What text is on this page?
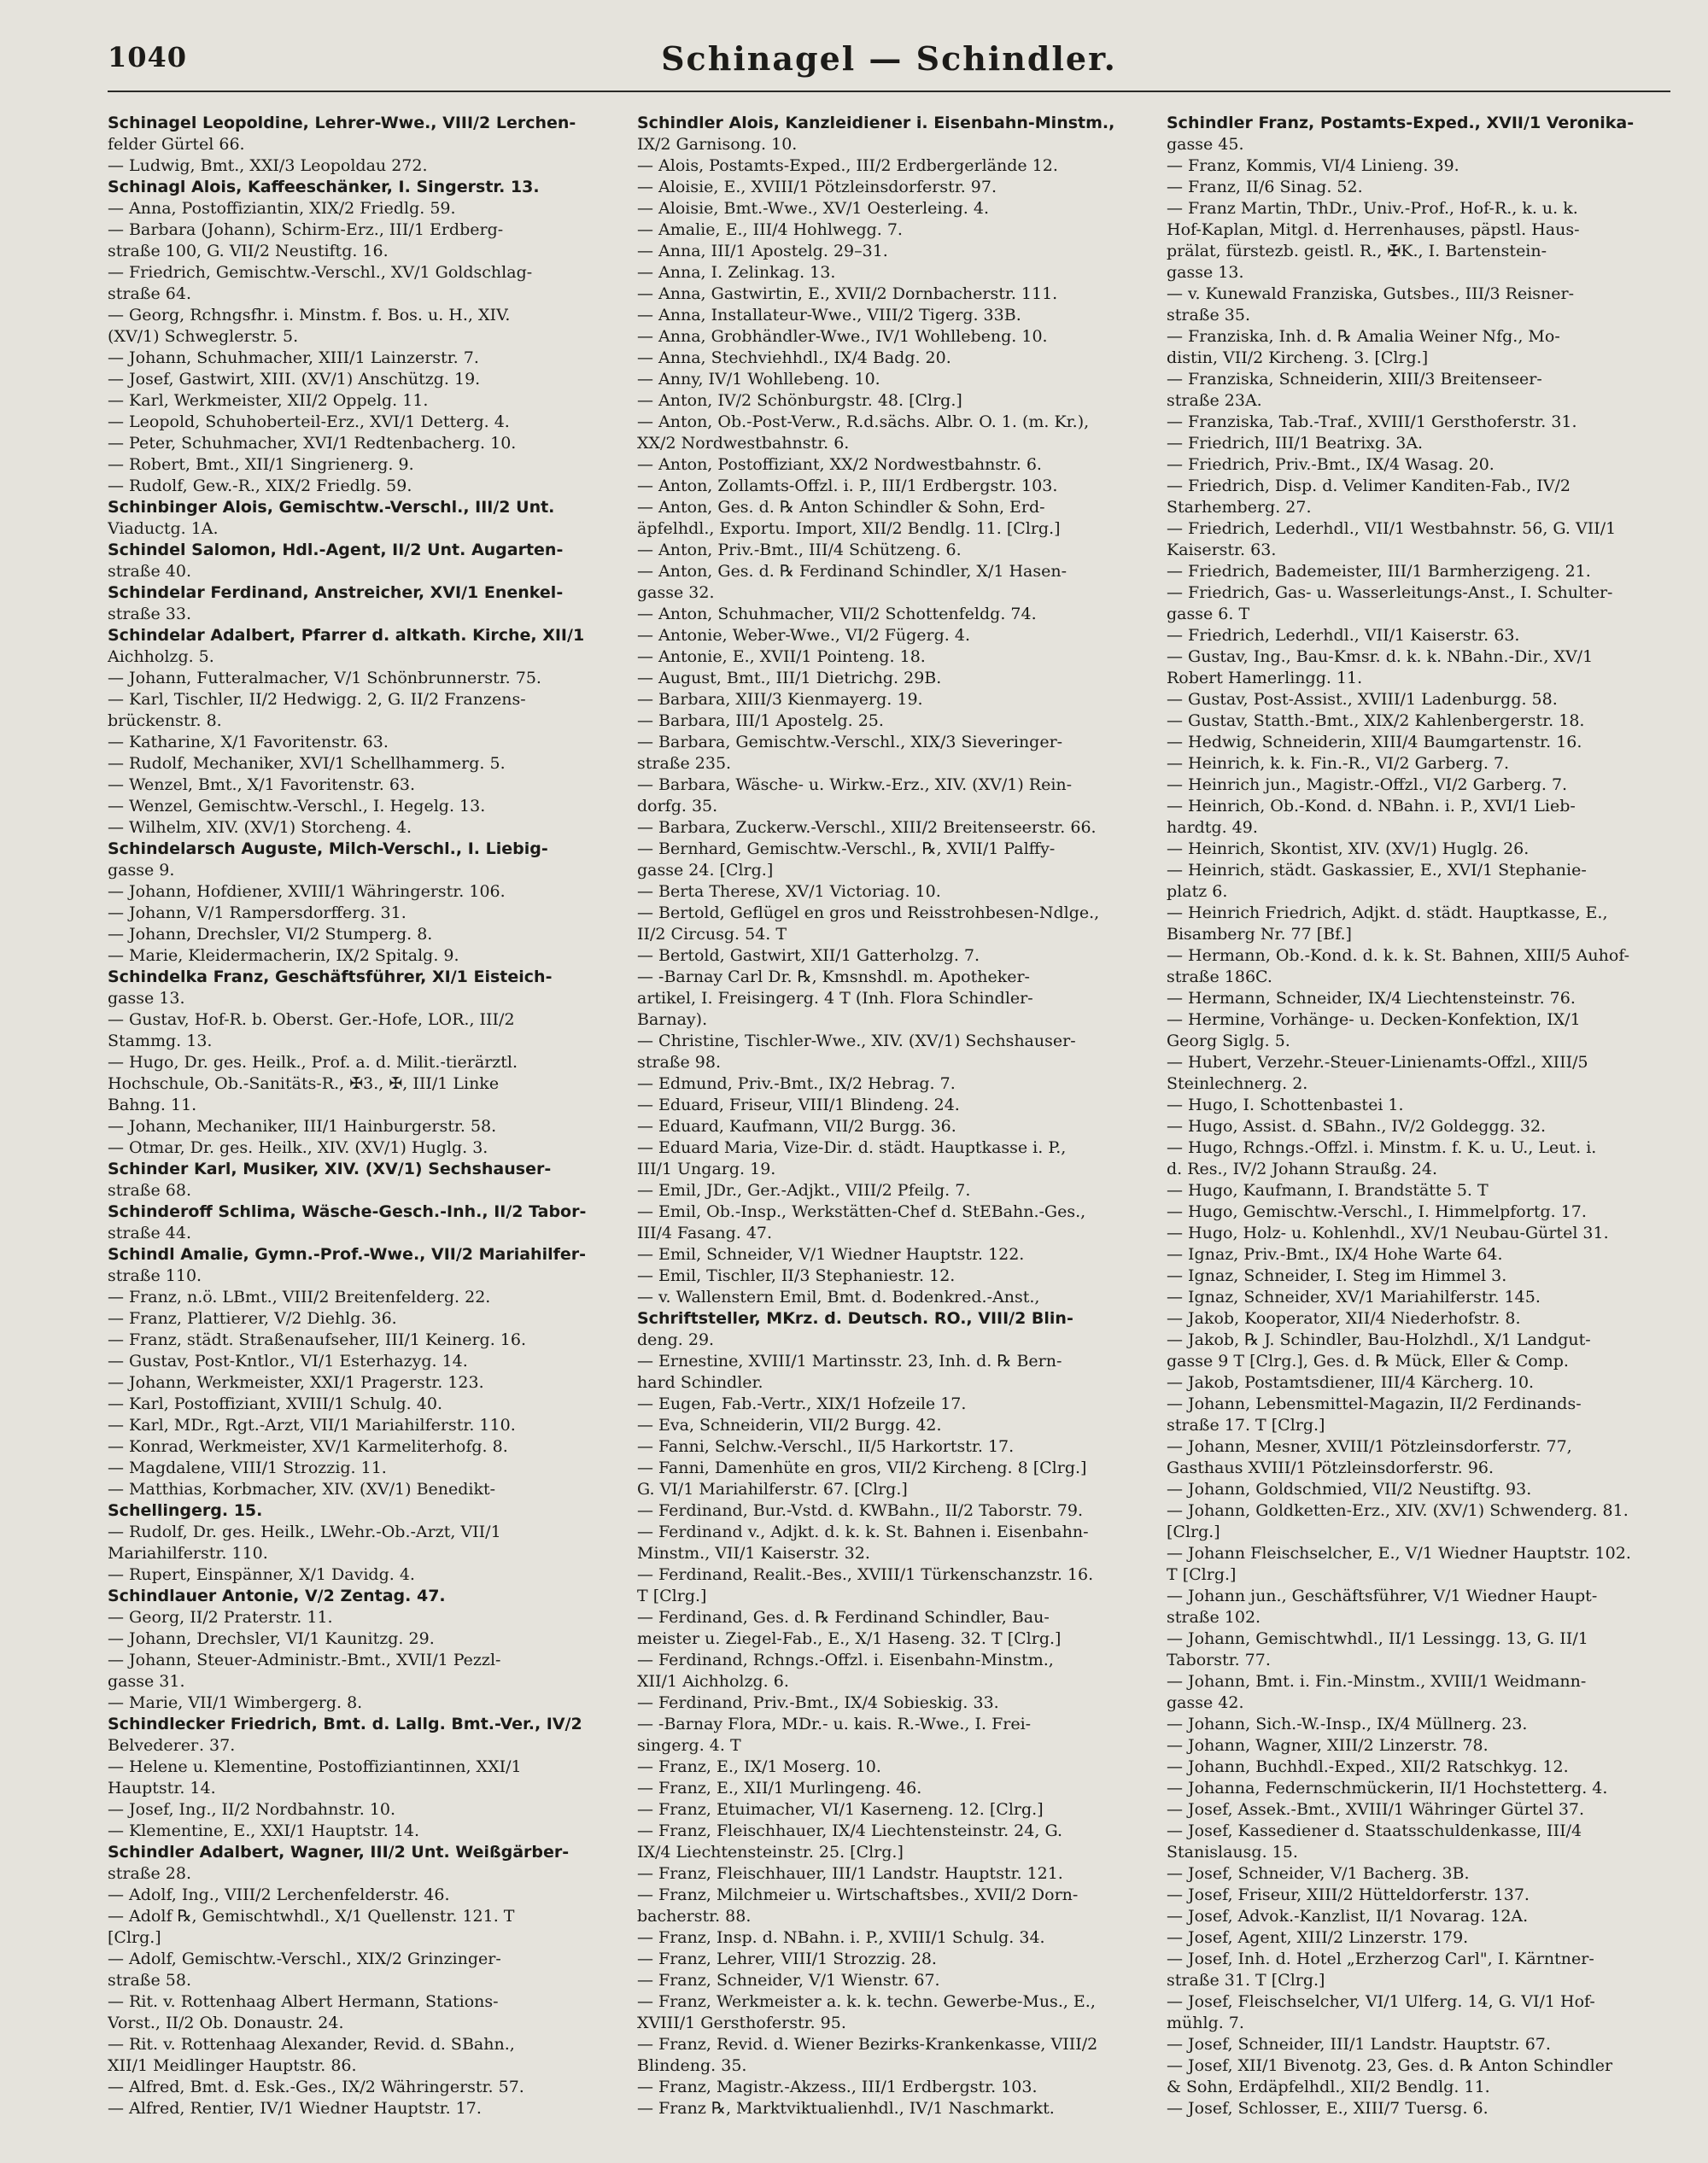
1040	Schinagel — Schindler.
Schinagel Leopoldine, Lehrer-Wwe., VIII/2 Lerchen-
felder Gürtel 66.
— Ludwig, Bmt., XXI/3 Leopoldau 272.
Schinagl Alois, Kaffeeschänker, I. Singerstr. 13.
— Anna, Postoffiziantin, XIX/2 Friedlg. 59.
— Barbara (Johann), Schirm-Erz., III/1 Erdberg-
straße 100, G. VII/2 Neustiftg. 16.
— Friedrich, Gemischtw.-Verschl., XV/1 Goldschlag-
straße 64.
— Georg, Rchngsfhr. i. Minstm. f. Bos. u. H., XIV.
(XV/1) Schweglerstr. 5.
— Johann, Schuhmacher, XIII/1 Lainzerstr. 7.
— Josef, Gastwirt, XIII. (XV/1) Anschützg. 19.
— Karl, Werkmeister, XII/2 Oppelg. 11.
— Leopold, Schuhoberteil-Erz., XVI/1 Detterg. 4.
— Peter, Schuhmacher, XVI/1 Redtenbacherg. 10.
— Robert, Bmt., XII/1 Singrienerg. 9.
— Rudolf, Gew.-R., XIX/2 Friedlg. 59.
Schinbinger Alois, Gemischtw.-Verschl., III/2 Unt.
Viaductg. 1A.
Schindel Salomon, Hdl.-Agent, II/2 Unt. Augarten-
straße 40.
Schindelar Ferdinand, Anstreicher, XVI/1 Enenkel-
straße 33.
Schindelar Adalbert, Pfarrer d. altkath. Kirche, XII/1
Aichholzg. 5.
— Johann, Futteralmacher, V/1 Schönbrunnerstr. 75.
— Karl, Tischler, II/2 Hedwigg. 2, G. II/2 Franzens-
brückenstr. 8.
— Katharine, X/1 Favoritenstr. 63.
— Rudolf, Mechaniker, XVI/1 Schellhammerg. 5.
— Wenzel, Bmt., X/1 Favoritenstr. 63.
— Wenzel, Gemischtw.-Verschl., I. Hegelg. 13.
— Wilhelm, XIV. (XV/1) Storcheng. 4.
Schindelarsch Auguste, Milch-Verschl., I. Liebig-
gasse 9.
— Johann, Hofdiener, XVIII/1 Währingerstr. 106.
— Johann, V/1 Rampersdorfferg. 31.
— Johann, Drechsler, VI/2 Stumperg. 8.
— Marie, Kleidermacherin, IX/2 Spitalg. 9.
Schindelka Franz, Geschäftsführer, XI/1 Eisteich-
gasse 13.
— Gustav, Hof-R. b. Oberst. Ger.-Hofe, LOR., III/2
Stammg. 13.
— Hugo, Dr. ges. Heilk., Prof. a. d. Milit.-tierärztl.
Hochschule, Ob.-Sanitäts-R., ✠3., ✠, III/1 Linke
Bahng. 11.
— Johann, Mechaniker, III/1 Hainburgerstr. 58.
— Otmar, Dr. ges. Heilk., XIV. (XV/1) Huglg. 3.
Schinder Karl, Musiker, XIV. (XV/1) Sechshauser-
straße 68.
Schinderoff Schlima, Wäsche-Gesch.-Inh., II/2 Tabor-
straße 44.
Schindl Amalie, Gymn.-Prof.-Wwe., VII/2 Mariahilfer-
straße 110.
— Franz, n.ö. LBmt., VIII/2 Breitenfelderg. 22.
— Franz, Plattierer, V/2 Diehlg. 36.
— Franz, städt. Straßenaufseher, III/1 Keinerg. 16.
— Gustav, Post-Kntlor., VI/1 Esterhazyg. 14.
— Johann, Werkmeister, XXI/1 Pragerstr. 123.
— Karl, Postoffiziant, XVIII/1 Schulg. 40.
— Karl, MDr., Rgt.-Arzt, VII/1 Mariahilferstr. 110.
— Konrad, Werkmeister, XV/1 Karmeliterhofg. 8.
— Magdalene, VIII/1 Strozzig. 11.
— Matthias, Korbmacher, XIV. (XV/1) Benedikt-
Schellingerg. 15.
— Rudolf, Dr. ges. Heilk., LWehr.-Ob.-Arzt, VII/1
Mariahilferstr. 110.
— Rupert, Einspänner, X/1 Davidg. 4.
Schindlauer Antonie, V/2 Zentag. 47.
— Georg, II/2 Praterstr. 11.
— Johann, Drechsler, VI/1 Kaunitzg. 29.
— Johann, Steuer-Administr.-Bmt., XVII/1 Pezzl-
gasse 31.
— Marie, VII/1 Wimbergerg. 8.
Schindlecker Friedrich, Bmt. d. Lallg. Bmt.-Ver., IV/2
Belvederег. 37.
— Helene u. Klementine, Postoffiziantinnen, XXI/1
Hauptstr. 14.
— Josef, Ing., II/2 Nordbahnstr. 10.
— Klementine, E., XXI/1 Hauptstr. 14.
Schindler Adalbert, Wagner, III/2 Unt. Weißgärber-
straße 28.
— Adolf, Ing., VIII/2 Lerchenfelderstr. 46.
— Adolf ℞, Gemischtwhdl., X/1 Quellenstr. 121. T
[Clrg.]
— Adolf, Gemischtw.-Verschl., XIX/2 Grinzinger-
straße 58.
— Rit. v. Rottenhaag Albert Hermann, Stations-
Vorst., II/2 Ob. Donaustr. 24.
— Rit. v. Rottenhaag Alexander, Revid. d. SBahn.,
XII/1 Meidlinger Hauptstr. 86.
— Alfred, Bmt. d. Esk.-Ges., IX/2 Währingerstr. 57.
— Alfred, Rentier, IV/1 Wiedner Hauptstr. 17.
Schindler Alois, Kanzleidiener i. Eisenbahn-Minstm.,
IX/2 Garnisong. 10.
— Alois, Postamts-Exped., III/2 Erdbergerlände 12.
— Aloisie, E., XVIII/1 Pötzleinsdorferstr. 97.
— Aloisie, Bmt.-Wwe., XV/1 Oesterleing. 4.
— Amalie, E., III/4 Hohlwegg. 7.
— Anna, III/1 Apostelg. 29–31.
— Anna, I. Zelinkag. 13.
— Anna, Gastwirtin, E., XVII/2 Dornbacherstr. 111.
— Anna, Installateur-Wwe., VIII/2 Tigerg. 33B.
— Anna, Grobhändler-Wwe., IV/1 Wohllebeng. 10.
— Anna, Stechviehhdl., IX/4 Badg. 20.
— Anny, IV/1 Wohllebeng. 10.
— Anton, IV/2 Schönburgstr. 48. [Clrg.]
— Anton, Ob.-Post-Verw., R.d.sächs. Albr. O. 1. (m. Kr.),
XX/2 Nordwestbahnstr. 6.
— Anton, Postoffiziant, XX/2 Nordwestbahnstr. 6.
— Anton, Zollamts-Offzl. i. P., III/1 Erdbergstr. 103.
— Anton, Ges. d. ℞ Anton Schindler & Sohn, Erd-
äpfelhdl., Exportu. Import, XII/2 Bendlg. 11. [Clrg.]
— Anton, Priv.-Bmt., III/4 Schützeng. 6.
— Anton, Ges. d. ℞ Ferdinand Schindler, X/1 Hasen-
gasse 32.
— Anton, Schuhmacher, VII/2 Schottenfeldg. 74.
— Antonie, Weber-Wwe., VI/2 Fügerg. 4.
— Antonie, E., XVII/1 Pointeng. 18.
— August, Bmt., III/1 Dietrichg. 29B.
— Barbara, XIII/3 Kienmayerg. 19.
— Barbara, III/1 Apostelg. 25.
— Barbara, Gemischtw.-Verschl., XIX/3 Sieveringer-
straße 235.
— Barbara, Wäsche- u. Wirkw.-Erz., XIV. (XV/1) Rein-
dorfg. 35.
— Barbara, Zuckerw.-Verschl., XIII/2 Breitenseerstr. 66.
— Bernhard, Gemischtw.-Verschl., ℞, XVII/1 Palffy-
gasse 24. [Clrg.]
— Berta Therese, XV/1 Victoriag. 10.
— Bertold, Geflügel en gros und Reisstrohbesen-Ndlge.,
II/2 Circusg. 54. T
— Bertold, Gastwirt, XII/1 Gatterholzg. 7.
— -Barnay Carl Dr. ℞, Kmsnshdl. m. Apotheker-
artikel, I. Freisingerg. 4 T (Inh. Flora Schindler-
Barnay).
— Christine, Tischler-Wwe., XIV. (XV/1) Sechshauser-
straße 98.
— Edmund, Priv.-Bmt., IX/2 Hebrag. 7.
— Eduard, Friseur, VIII/1 Blindeng. 24.
— Eduard, Kaufmann, VII/2 Burgg. 36.
— Eduard Maria, Vize-Dir. d. städt. Hauptkasse i. P.,
III/1 Ungarg. 19.
— Emil, JDr., Ger.-Adjkt., VIII/2 Pfeilg. 7.
— Emil, Ob.-Insp., Werkstätten-Chef d. StEBahn.-Ges.,
III/4 Fasang. 47.
— Emil, Schneider, V/1 Wiedner Hauptstr. 122.
— Emil, Tischler, II/3 Stephaniestr. 12.
— v. Wallenstern Emil, Bmt. d. Bodenkred.-Anst.,
Schriftsteller, MKrz. d. Deutsch. RO., VIII/2 Blin-
deng. 29.
— Ernestine, XVIII/1 Martinsstr. 23, Inh. d. ℞ Bern-
hard Schindler.
— Eugen, Fab.-Vertr., XIX/1 Hofzeile 17.
— Eva, Schneiderin, VII/2 Burgg. 42.
— Fanni, Selchw.-Verschl., II/5 Harkortstr. 17.
— Fanni, Damenhüte en gros, VII/2 Kircheng. 8 [Clrg.]
G. VI/1 Mariahilferstr. 67. [Clrg.]
— Ferdinand, Bur.-Vstd. d. KWBahn., II/2 Taborstr. 79.
— Ferdinand v., Adjkt. d. k. k. St. Bahnen i. Eisenbahn-
Minstm., VII/1 Kaiserstr. 32.
— Ferdinand, Realit.-Bes., XVIII/1 Türkenschanzstr. 16.
T [Clrg.]
— Ferdinand, Ges. d. ℞ Ferdinand Schindler, Bau-
meister u. Ziegel-Fab., E., X/1 Haseng. 32. T [Clrg.]
— Ferdinand, Rchngs.-Offzl. i. Eisenbahn-Minstm.,
XII/1 Aichholzg. 6.
— Ferdinand, Priv.-Bmt., IX/4 Sobieskig. 33.
— -Barnay Flora, MDr.- u. kais. R.-Wwe., I. Frei-
singerg. 4. T
— Franz, E., IX/1 Moserg. 10.
— Franz, E., XII/1 Murlingeng. 46.
— Franz, Etuimacher, VI/1 Kaserneng. 12. [Clrg.]
— Franz, Fleischhauer, IX/4 Liechtensteinstr. 24, G.
IX/4 Liechtensteinstr. 25. [Clrg.]
— Franz, Fleischhauer, III/1 Landstr. Hauptstr. 121.
— Franz, Milchmeier u. Wirtschaftsbes., XVII/2 Dorn-
bacherstr. 88.
— Franz, Insp. d. NBahn. i. P., XVIII/1 Schulg. 34.
— Franz, Lehrer, VIII/1 Strozzig. 28.
— Franz, Schneider, V/1 Wienstr. 67.
— Franz, Werkmeister a. k. k. techn. Gewerbe-Mus., E.,
XVIII/1 Gersthoferstr. 95.
— Franz, Revid. d. Wiener Bezirks-Krankenkasse, VIII/2
Blindeng. 35.
— Franz, Magistr.-Akzess., III/1 Erdbergstr. 103.
— Franz ℞, Marktviktualienhdl., IV/1 Naschmarkt.
Schindler Franz, Postamts-Exped., XVII/1 Veronika-
gasse 45.
— Franz, Kommis, VI/4 Linieng. 39.
— Franz, II/6 Sinag. 52.
— Franz Martin, ThDr., Univ.-Prof., Hof-R., k. u. k.
Hof-Kaplan, Mitgl. d. Herrenhauses, päpstl. Haus-
prälat, fürstezb. geistl. R., ✠K., I. Bartenstein-
gasse 13.
— v. Kunewald Franziska, Gutsbes., III/3 Reisner-
straße 35.
— Franziska, Inh. d. ℞ Amalia Weiner Nfg., Mo-
distin, VII/2 Kircheng. 3. [Clrg.]
— Franziska, Schneiderin, XIII/3 Breitenseer-
straße 23A.
— Franziska, Tab.-Traf., XVIII/1 Gersthoferstr. 31.
— Friedrich, III/1 Beatrixg. 3A.
— Friedrich, Priv.-Bmt., IX/4 Wasag. 20.
— Friedrich, Disp. d. Velimer Kanditen-Fab., IV/2
Starhemberg. 27.
— Friedrich, Lederhdl., VII/1 Westbahnstr. 56, G. VII/1
Kaiserstr. 63.
— Friedrich, Bademeister, III/1 Barmherzigeng. 21.
— Friedrich, Gas- u. Wasserleitungs-Anst., I. Schulter-
gasse 6. T
— Friedrich, Lederhdl., VII/1 Kaiserstr. 63.
— Gustav, Ing., Bau-Kmsr. d. k. k. NBahn.-Dir., XV/1
Robert Hamerlingg. 11.
— Gustav, Post-Assist., XVIII/1 Ladenburgg. 58.
— Gustav, Statth.-Bmt., XIX/2 Kahlenbergerstr. 18.
— Hedwig, Schneiderin, XIII/4 Baumgartenstr. 16.
— Heinrich, k. k. Fin.-R., VI/2 Garberg. 7.
— Heinrich jun., Magistr.-Offzl., VI/2 Garberg. 7.
— Heinrich, Ob.-Kond. d. NBahn. i. P., XVI/1 Lieb-
hardtg. 49.
— Heinrich, Skontist, XIV. (XV/1) Huglg. 26.
— Heinrich, städt. Gaskassier, E., XVI/1 Stephanie-
platz 6.
— Heinrich Friedrich, Adjkt. d. städt. Hauptkasse, E.,
Bisamberg Nr. 77 [Bf.]
— Hermann, Ob.-Kond. d. k. k. St. Bahnen, XIII/5 Auhof-
straße 186C.
— Hermann, Schneider, IX/4 Liechtensteinstr. 76.
— Hermine, Vorhänge- u. Decken-Konfektion, IX/1
Georg Siglg. 5.
— Hubert, Verzehr.-Steuer-Linienamts-Offzl., XIII/5
Steinlechnerg. 2.
— Hugo, I. Schottenbastei 1.
— Hugo, Assist. d. SBahn., IV/2 Goldeggg. 32.
— Hugo, Rchngs.-Offzl. i. Minstm. f. K. u. U., Leut. i.
d. Res., IV/2 Johann Straußg. 24.
— Hugo, Kaufmann, I. Brandstätte 5. T
— Hugo, Gemischtw.-Verschl., I. Himmelpfortg. 17.
— Hugo, Holz- u. Kohlenhdl., XV/1 Neubau-Gürtel 31.
— Ignaz, Priv.-Bmt., IX/4 Hohe Warte 64.
— Ignaz, Schneider, I. Steg im Himmel 3.
— Ignaz, Schneider, XV/1 Mariahilferstr. 145.
— Jakob, Kooperator, XII/4 Niederhofstr. 8.
— Jakob, ℞ J. Schindler, Bau-Holzhdl., X/1 Landgut-
gasse 9 T [Clrg.], Ges. d. ℞ Mück, Eller & Comp.
— Jakob, Postamtsdiener, III/4 Kärcherg. 10.
— Johann, Lebensmittel-Magazin, II/2 Ferdinands-
straße 17. T [Clrg.]
— Johann, Mesner, XVIII/1 Pötzleinsdorferstr. 77,
Gasthaus XVIII/1 Pötzleinsdorferstr. 96.
— Johann, Goldschmied, VII/2 Neustiftg. 93.
— Johann, Goldketten-Erz., XIV. (XV/1) Schwenderg. 81.
[Clrg.]
— Johann Fleischselcher, E., V/1 Wiedner Hauptstr. 102.
T [Clrg.]
— Johann jun., Geschäftsführer, V/1 Wiedner Haupt-
straße 102.
— Johann, Gemischtwhdl., II/1 Lessingg. 13, G. II/1
Taborstr. 77.
— Johann, Bmt. i. Fin.-Minstm., XVIII/1 Weidmann-
gasse 42.
— Johann, Sich.-W.-Insp., IX/4 Müllnerg. 23.
— Johann, Wagner, XIII/2 Linzerstr. 78.
— Johann, Buchhdl.-Exped., XII/2 Ratschkyg. 12.
— Johanna, Federnschmückerin, II/1 Hochstetterg. 4.
— Josef, Assek.-Bmt., XVIII/1 Währinger Gürtel 37.
— Josef, Kassediener d. Staatsschuldenkasse, III/4
Stanislausg. 15.
— Josef, Schneider, V/1 Bacherg. 3B.
— Josef, Friseur, XIII/2 Hütteldorferstr. 137.
— Josef, Advok.-Kanzlist, II/1 Novarag. 12A.
— Josef, Agent, XIII/2 Linzerstr. 179.
— Josef, Inh. d. Hotel „Erzherzog Carl", I. Kärntner-
straße 31. T [Clrg.]
— Josef, Fleischselcher, VI/1 Ulferg. 14, G. VI/1 Hof-
mühlg. 7.
— Josef, Schneider, III/1 Landstr. Hauptstr. 67.
— Josef, XII/1 Bivenotg. 23, Ges. d. ℞ Anton Schindler
& Sohn, Erdäpfelhdl., XII/2 Bendlg. 11.
— Josef, Schlosser, E., XIII/7 Tuersg. 6.
